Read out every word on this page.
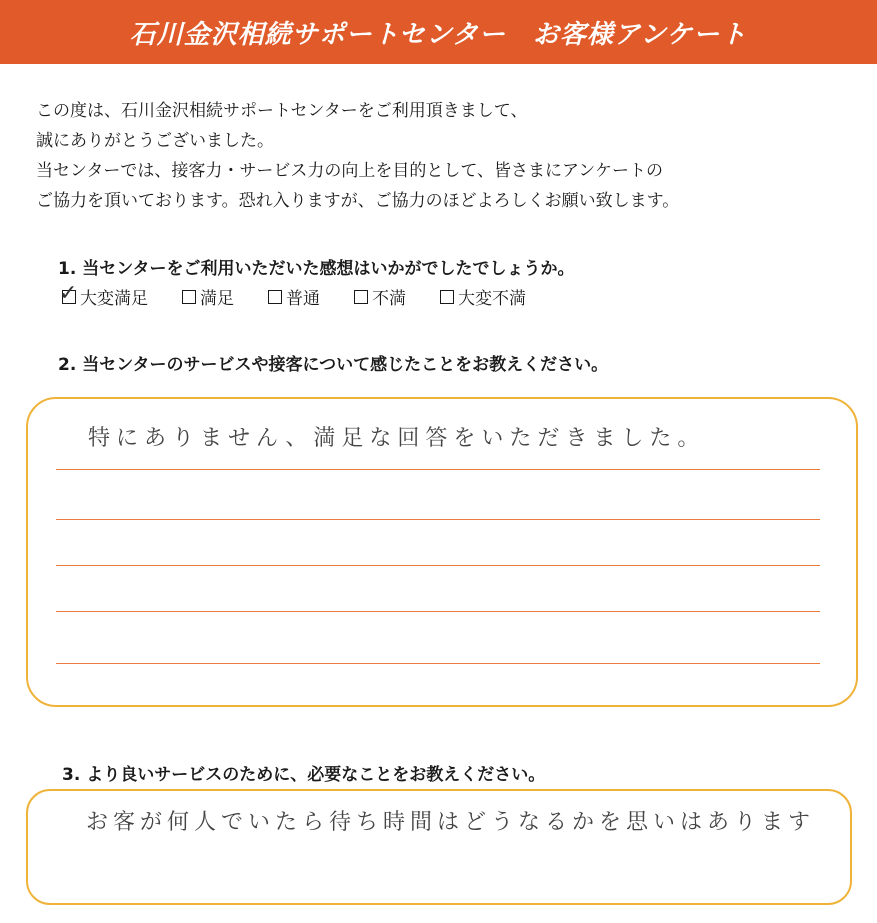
石川金沢相続サポートセンター　お客様アンケート
この度は、石川金沢相続サポートセンターをご利用頂きまして、
誠にありがとうございました。
当センターでは、接客力・サービス力の向上を目的として、皆さまにアンケートの
ご協力を頂いております。恐れ入りますが、ご協力のほどよろしくお願い致します。
1. 当センターをご利用いただいた感想はいかがでしたでしょうか。
✓ 大変満足	満足	普通	不満	大変不満
2. 当センターのサービスや接客について感じたことをお教えください。
特にありません、満足な回答をいただきました。
3. より良いサービスのために、必要なことをお教えください。
お客が何人でいたら待ち時間はどうなるかを思いはあります
